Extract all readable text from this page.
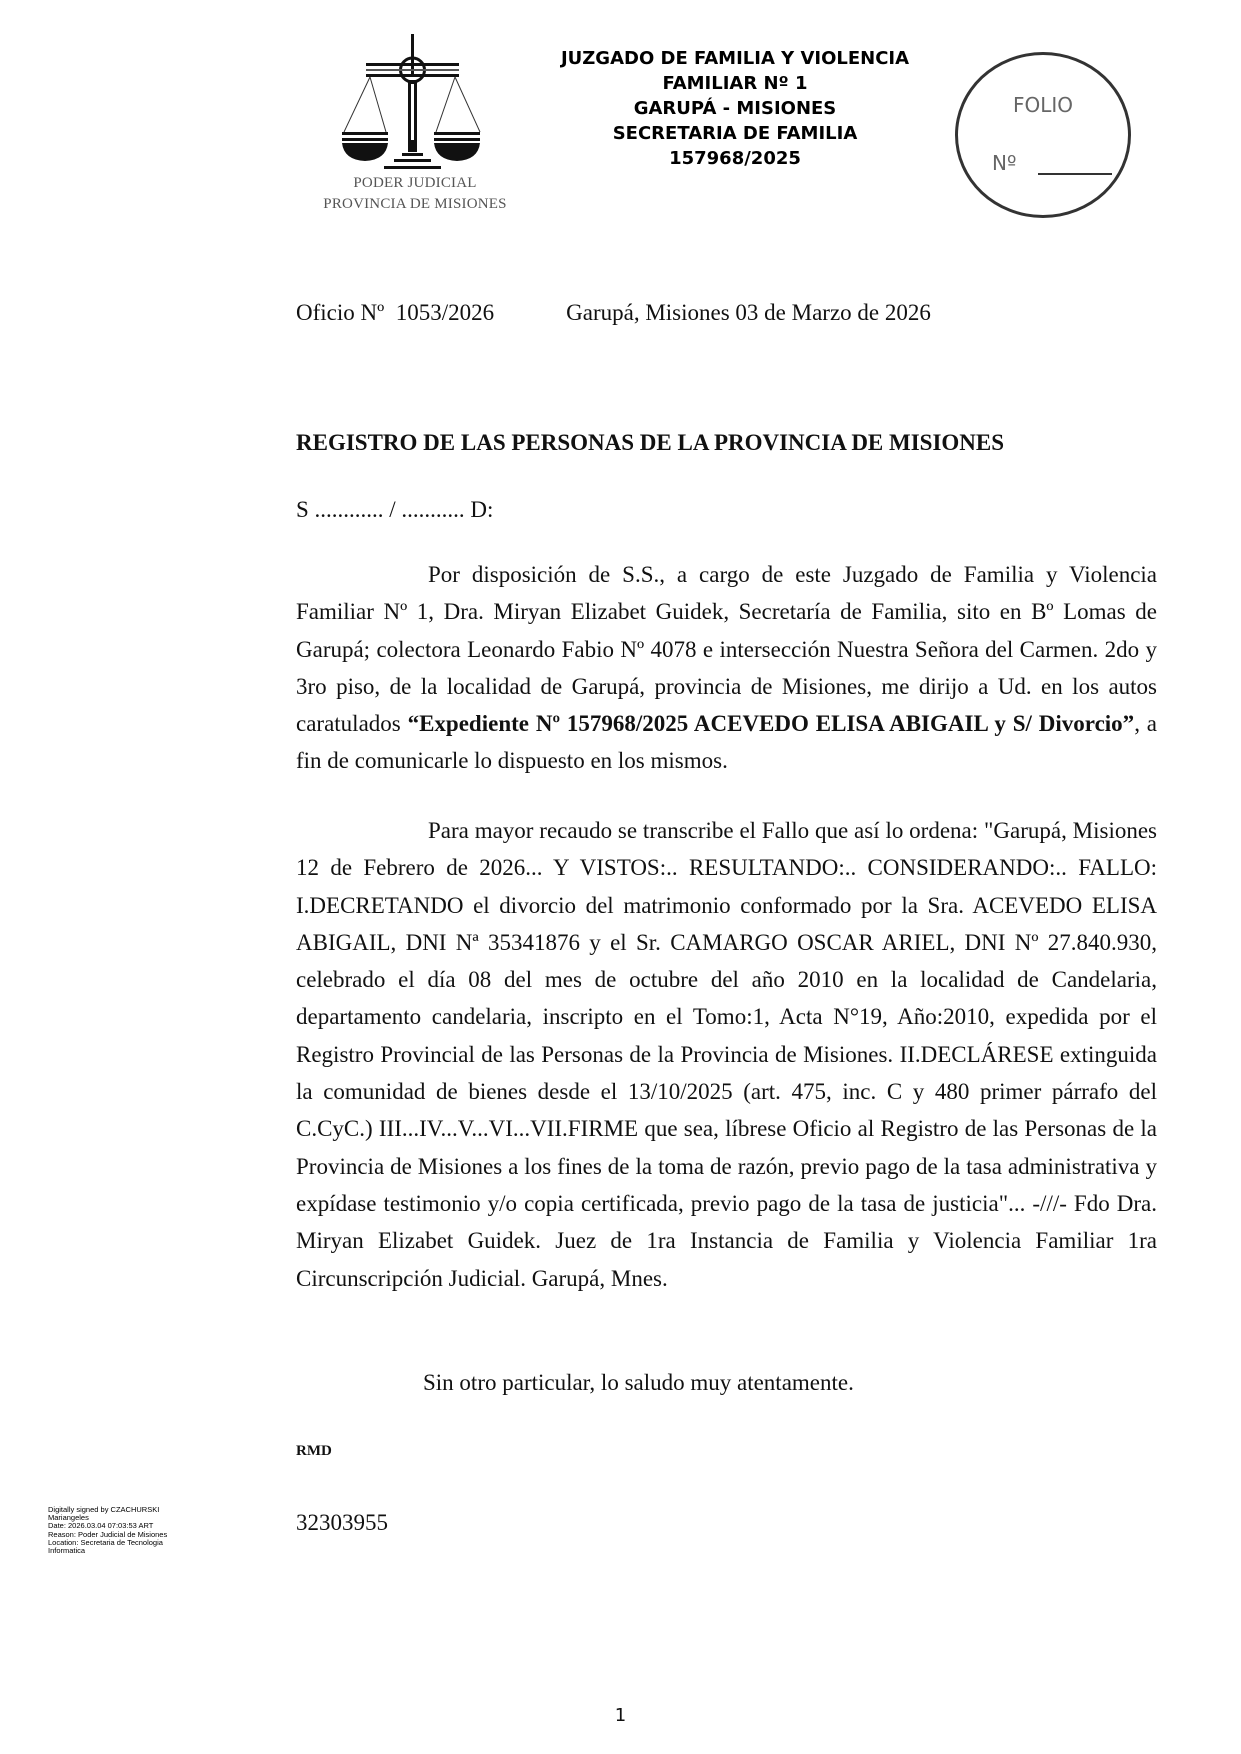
PODER JUDICIAL
PROVINCIA DE MISIONES
JUZGADO DE FAMILIA Y VIOLENCIA
FAMILIAR Nº 1
GARUPÁ - MISIONES
SECRETARIA DE FAMILIA
157968/2025
FOLIO
Nº
Oficio Nº  1053/2026	Garupá, Misiones 03 de Marzo de 2026
REGISTRO DE LAS PERSONAS DE LA PROVINCIA DE MISIONES
S ............ / ........... D:
Por disposición de S.S., a cargo de este Juzgado de Familia y Violencia Familiar Nº 1, Dra. Miryan Elizabet Guidek, Secretaría de Familia, sito en Bº Lomas de Garupá; colectora Leonardo Fabio Nº 4078 e intersección Nuestra Señora del Carmen. 2do y 3ro piso, de la localidad de Garupá, provincia de Misiones, me dirijo a Ud. en los autos caratulados “Expediente Nº 157968/2025 ACEVEDO ELISA ABIGAIL y S/ Divorcio”, a fin de comunicarle lo dispuesto en los mismos.
Para mayor recaudo se transcribe el Fallo que así lo ordena: "Garupá, Misiones 12 de Febrero de 2026... Y VISTOS:.. RESULTANDO:.. CONSIDERANDO:.. FALLO: I.DECRETANDO el divorcio del matrimonio conformado por la Sra. ACEVEDO ELISA ABIGAIL, DNI Nª 35341876 y el Sr. CAMARGO OSCAR ARIEL, DNI Nº 27.840.930, celebrado el día 08 del mes de octubre del año 2010 en la localidad de Candelaria, departamento candelaria, inscripto en el Tomo:1, Acta N°19, Año:2010, expedida por el Registro Provincial de las Personas de la Provincia de Misiones. II.DECLÁRESE extinguida la comunidad de bienes desde el 13/10/2025 (art. 475, inc. C y 480 primer párrafo del C.CyC.) III...IV...V...VI...VII.FIRME que sea, líbrese Oficio al Registro de las Personas de la Provincia de Misiones a los fines de la toma de razón, previo pago de la tasa administrativa y expídase testimonio y/o copia certificada, previo pago de la tasa de justicia"... -///- Fdo Dra. Miryan Elizabet Guidek. Juez de 1ra Instancia de Familia y Violencia Familiar 1ra Circunscripción Judicial. Garupá, Mnes.
Sin otro particular, lo saludo muy atentamente.
RMD
32303955
Digitally signed by CZACHURSKI
Mariangeles
Date: 2026.03.04 07:03:53 ART
Reason: Poder Judicial de Misiones
Location: Secretaria de Tecnologia
Informatica
1
